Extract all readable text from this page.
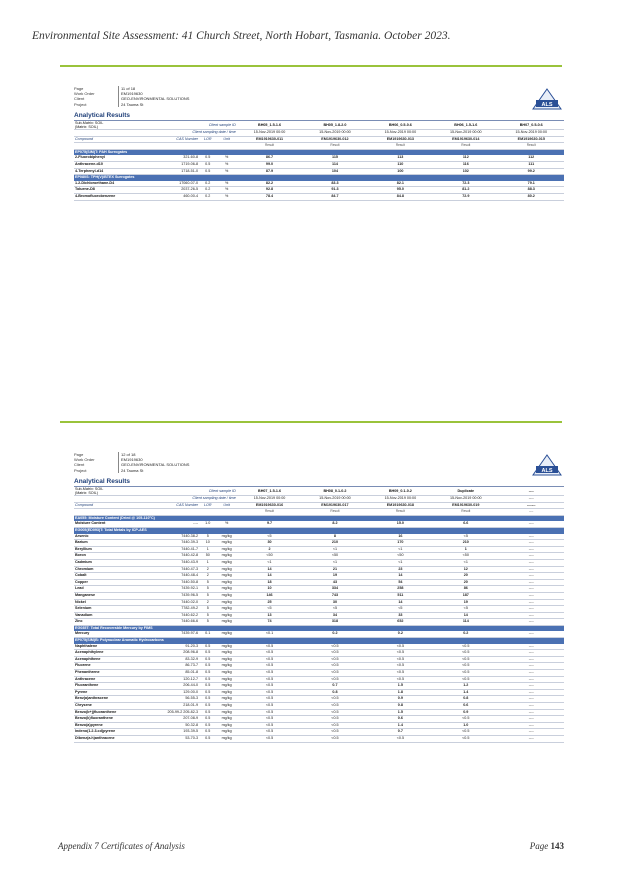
Environmental Site Assessment: 41 Church Street, North Hobart, Tasmania. October 2023.
Page	11 of 18
Work Order	EM1919630
Client	GEO-ENVIRONMENTAL SOLUTIONS
Project	24 Tauma St	ALS
Analytical Results
Sub-Matrix: SOIL
(Matrix: SOIL)		Client sample ID		BH05_1.5-1.6	BH05_1.8-2.0	BH06_0.5-0.6	BH06_1.5-1.6	BH07_0.5-0.6
Client sampling date / time				15-Nov-2019 00:00	15-Nov-2019 00:00	15-Nov-2019 00:00	15-Nov-2019 00:00	15-Nov-2019 00:00
Compound	CAS Number	LOR	Unit	EM1919630-011	EM1919630-012	EM1919630-013	EM1919630-014	EM1919630-015
				Result	Result	Result	Result	Result
EP075(SIM)T: PAH Surrogates								
2-Fluorobiphenyl	321-60-8	0.5	%	86.7	115	113	112	112
Anthracene-d10	1719-06-8	0.5	%	99.0	114	110	116	111
4-Terphenyl-d14	1718-51-0	0.5	%	87.9	104	100	102	99.2
EP080S: TPH(V)/BTEX Surrogates								
1.2-Dichloroethane-D4	17060-07-0	0.2	%	82.2	83.3	82.1	72.3	79.1
Toluene-D8	2037-26-5	0.2	%	92.8	91.3	95.0	81.2	88.3
4-Bromofluorobenzene	460-00-4	0.2	%	78.4	84.7	84.8	72.9	80.2
Page	12 of 18
Work Order	EM1919630
Client	GEO-ENVIRONMENTAL SOLUTIONS
Project	24 Tauma St	ALS
Analytical Results
Sub-Matrix: SOIL
(Matrix: SOIL)		Client sample ID		BH07_1.5-1.6	BH08_0.1-0.2	BH09_0.1-0.2	Duplicate	----
Client sampling date / time				15-Nov-2019 00:00	15-Nov-2019 00:00	15-Nov-2019 00:00	15-Nov-2019 00:00	----
Compound	CAS Number	LOR	Unit	EM1919630-016	EM1919630-017	EM1919630-018	EM1919630-019	-------
				Result	Result	Result	Result	----
EA055: Moisture Content (Dried @ 105-110°C)								
Moisture Content	----	1.0	%	9.7	8.2	15.0	6.6	----
EG005(ED093)T: Total Metals by ICP-AES								
Arsenic	7440-38-2	5	mg/kg	<5	8	16	<5	----
Barium	7440-39-3	10	mg/kg	30	210	170	210	----
Beryllium	7440-41-7	1	mg/kg	2	<1	<1	1	----
Boron	7440-42-8	50	mg/kg	<50	<50	<50	<50	----
Cadmium	7440-43-9	1	mg/kg	<1	<1	<1	<1	----
Chromium	7440-47-3	2	mg/kg	14	21	23	12	----
Cobalt	7440-48-4	2	mg/kg	14	19	14	20	----
Copper	7440-50-8	5	mg/kg	18	43	54	20	----
Lead	7439-92-1	5	mg/kg	10	334	258	86	----
Manganese	7439-96-5	5	mg/kg	146	743	511	187	----
Nickel	7440-02-0	2	mg/kg	25	30	14	19	----
Selenium	7782-49-2	5	mg/kg	<5	<5	<5	<5	----
Vanadium	7440-62-2	5	mg/kg	13	34	33	14	----
Zinc	7440-66-6	5	mg/kg	74	318	652	114	----
EG035T: Total Recoverable Mercury by FIMS								
Mercury	7439-97-6	0.1	mg/kg	<0.1	0.2	0.2	0.2	----
EP075(SIM)B: Polynuclear Aromatic Hydrocarbons								
Naphthalene	91-20-3	0.5	mg/kg	<0.5	<0.5	<0.5	<0.5	----
Acenaphthylene	208-96-8	0.5	mg/kg	<0.5	<0.5	<0.5	<0.5	----
Acenaphthene	83-32-9	0.5	mg/kg	<0.5	<0.5	<0.5	<0.5	----
Fluorene	86-73-7	0.5	mg/kg	<0.5	<0.5	<0.5	<0.5	----
Phenanthrene	85-01-8	0.5	mg/kg	<0.5	<0.5	<0.5	<0.5	----
Anthracene	120-12-7	0.5	mg/kg	<0.5	<0.5	<0.5	<0.5	----
Fluoranthene	206-44-0	0.5	mg/kg	<0.5	0.7	1.5	1.2	----
Pyrene	129-00-0	0.5	mg/kg	<0.5	0.8	1.8	1.4	----
Benz(a)anthracene	56-55-3	0.5	mg/kg	<0.5	<0.5	0.9	0.8	----
Chrysene	218-01-9	0.5	mg/kg	<0.5	<0.5	0.8	0.6	----
Benzo(b+j)fluoranthene	205-99-2 205-82-3	0.5	mg/kg	<0.5	<0.5	1.5	0.9	----
Benzo(k)fluoranthene	207-08-9	0.5	mg/kg	<0.5	<0.5	0.6	<0.5	----
Benzo(a)pyrene	50-32-8	0.5	mg/kg	<0.5	<0.5	1.4	1.0	----
Indeno(1.2.3.cd)pyrene	193-39-5	0.5	mg/kg	<0.5	<0.5	0.7	<0.5	----
Dibenz(a.h)anthracene	53-70-3	0.5	mg/kg	<0.5	<0.5	<0.5	<0.5	----
Appendix 7 Certificates of Analysis	Page 143
